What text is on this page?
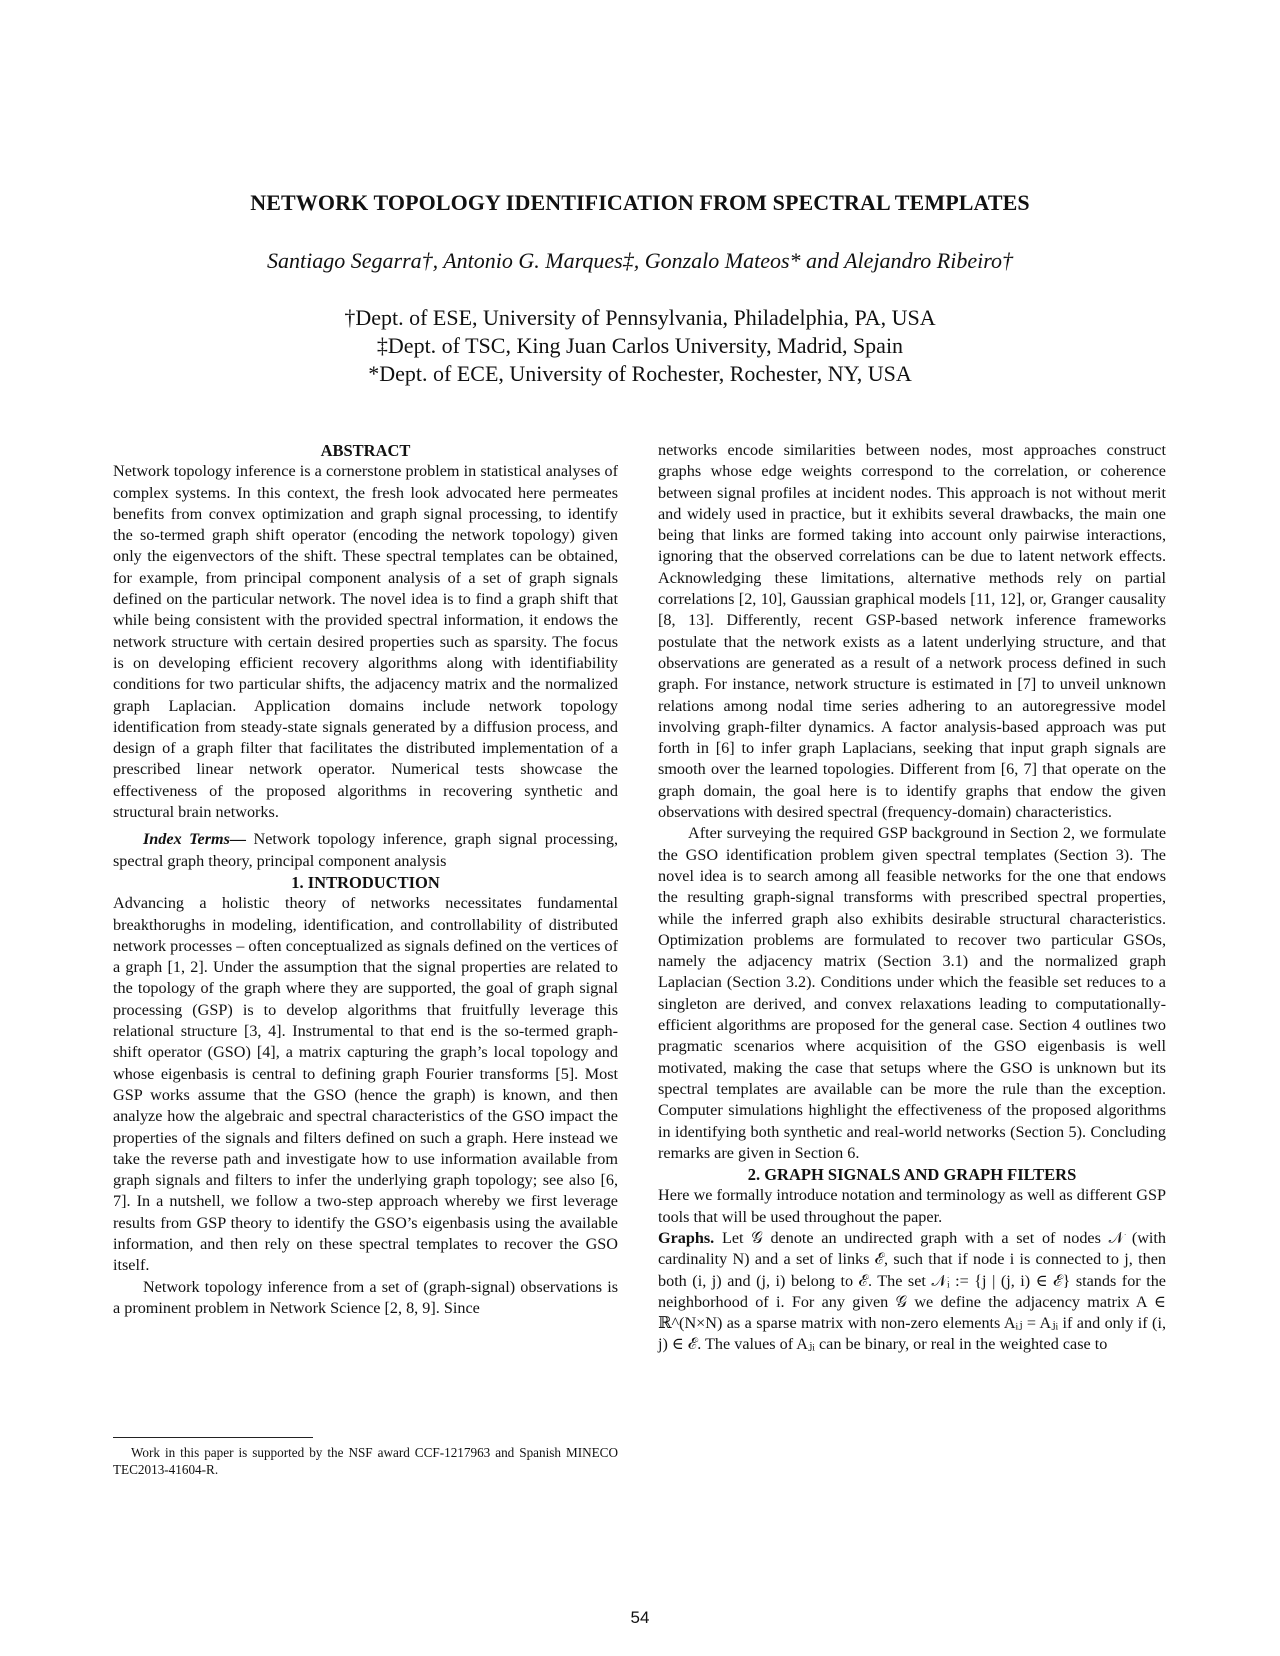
NETWORK TOPOLOGY IDENTIFICATION FROM SPECTRAL TEMPLATES
Santiago Segarra†, Antonio G. Marques‡, Gonzalo Mateos* and Alejandro Ribeiro†
†Dept. of ESE, University of Pennsylvania, Philadelphia, PA, USA
‡Dept. of TSC, King Juan Carlos University, Madrid, Spain
*Dept. of ECE, University of Rochester, Rochester, NY, USA

ABSTRACT

Network topology inference is a cornerstone problem in statistical analyses of complex systems. In this context, the fresh look advocated here permeates benefits from convex optimization and graph signal processing, to identify the so-termed graph shift operator (encoding the network topology) given only the eigenvectors of the shift. These spectral templates can be obtained, for example, from principal component analysis of a set of graph signals defined on the particular network. The novel idea is to find a graph shift that while being consistent with the provided spectral information, it endows the network structure with certain desired properties such as sparsity. The focus is on developing efficient recovery algorithms along with identifiability conditions for two particular shifts, the adjacency matrix and the normalized graph Laplacian. Application domains include network topology identification from steady-state signals generated by a diffusion process, and design of a graph filter that facilitates the distributed implementation of a prescribed linear network operator. Numerical tests showcase the effectiveness of the proposed algorithms in recovering synthetic and structural brain networks.

Index Terms— Network topology inference, graph signal processing, spectral graph theory, principal component analysis

1. INTRODUCTION

Advancing a holistic theory of networks necessitates fundamental breakthorughs in modeling, identification, and controllability of distributed network processes – often conceptualized as signals defined on the vertices of a graph [1, 2]. Under the assumption that the signal properties are related to the topology of the graph where they are supported, the goal of graph signal processing (GSP) is to develop algorithms that fruitfully leverage this relational structure [3, 4]. Instrumental to that end is the so-termed graph-shift operator (GSO) [4], a matrix capturing the graph’s local topology and whose eigenbasis is central to defining graph Fourier transforms [5]. Most GSP works assume that the GSO (hence the graph) is known, and then analyze how the algebraic and spectral characteristics of the GSO impact the properties of the signals and filters defined on such a graph. Here instead we take the reverse path and investigate how to use information available from graph signals and filters to infer the underlying graph topology; see also [6, 7]. In a nutshell, we follow a two-step approach whereby we first leverage results from GSP theory to identify the GSO’s eigenbasis using the available information, and then rely on these spectral templates to recover the GSO itself.

Network topology inference from a set of (graph-signal) observations is a prominent problem in Network Science [2, 8, 9]. Since

networks encode similarities between nodes, most approaches construct graphs whose edge weights correspond to the correlation, or coherence between signal profiles at incident nodes. This approach is not without merit and widely used in practice, but it exhibits several drawbacks, the main one being that links are formed taking into account only pairwise interactions, ignoring that the observed correlations can be due to latent network effects. Acknowledging these limitations, alternative methods rely on partial correlations [2, 10], Gaussian graphical models [11, 12], or, Granger causality [8, 13]. Differently, recent GSP-based network inference frameworks postulate that the network exists as a latent underlying structure, and that observations are generated as a result of a network process defined in such graph. For instance, network structure is estimated in [7] to unveil unknown relations among nodal time series adhering to an autoregressive model involving graph-filter dynamics. A factor analysis-based approach was put forth in [6] to infer graph Laplacians, seeking that input graph signals are smooth over the learned topologies. Different from [6, 7] that operate on the graph domain, the goal here is to identify graphs that endow the given observations with desired spectral (frequency-domain) characteristics.

After surveying the required GSP background in Section 2, we formulate the GSO identification problem given spectral templates (Section 3). The novel idea is to search among all feasible networks for the one that endows the resulting graph-signal transforms with prescribed spectral properties, while the inferred graph also exhibits desirable structural characteristics. Optimization problems are formulated to recover two particular GSOs, namely the adjacency matrix (Section 3.1) and the normalized graph Laplacian (Section 3.2). Conditions under which the feasible set reduces to a singleton are derived, and convex relaxations leading to computationally-efficient algorithms are proposed for the general case. Section 4 outlines two pragmatic scenarios where acquisition of the GSO eigenbasis is well motivated, making the case that setups where the GSO is unknown but its spectral templates are available can be more the rule than the exception. Computer simulations highlight the effectiveness of the proposed algorithms in identifying both synthetic and real-world networks (Section 5). Concluding remarks are given in Section 6.

2. GRAPH SIGNALS AND GRAPH FILTERS

Here we formally introduce notation and terminology as well as different GSP tools that will be used throughout the paper.

Graphs. Let 𝒢 denote an undirected graph with a set of nodes 𝒩 (with cardinality N) and a set of links ℰ, such that if node i is connected to j, then both (i, j) and (j, i) belong to ℰ. The set 𝒩ᵢ := {j | (j, i) ∈ ℰ} stands for the neighborhood of i. For any given 𝒢 we define the adjacency matrix A ∈ ℝ^(N×N) as a sparse matrix with non-zero elements Aᵢⱼ = Aⱼᵢ if and only if (i, j) ∈ ℰ. The values of Aⱼᵢ can be binary, or real in the weighted case to

Work in this paper is supported by the NSF award CCF-1217963 and Spanish MINECO TEC2013-41604-R.

54
